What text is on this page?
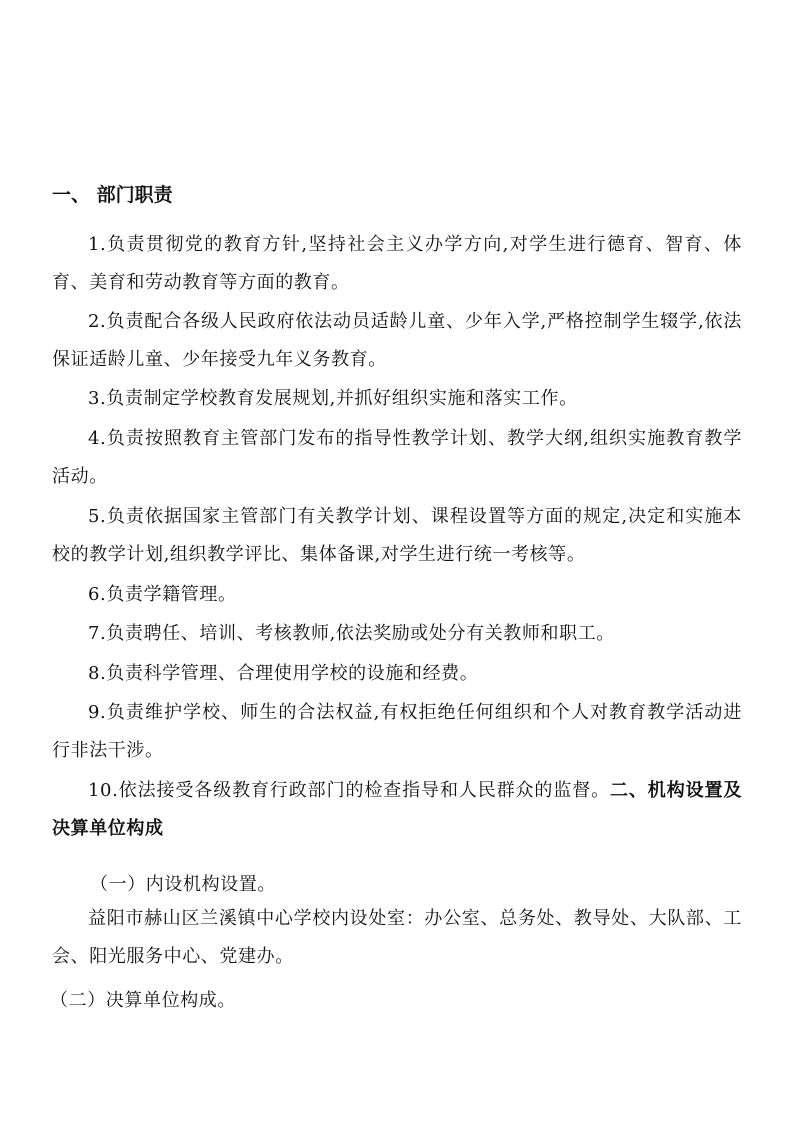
一、 部门职责
1.负责贯彻党的教育方针,坚持社会主义办学方向,对学生进行德育、智育、体育、美育和劳动教育等方面的教育。
2.负责配合各级人民政府依法动员适龄儿童、少年入学,严格控制学生辍学,依法保证适龄儿童、少年接受九年义务教育。
3.负责制定学校教育发展规划,并抓好组织实施和落实工作。
4.负责按照教育主管部门发布的指导性教学计划、教学大纲,组织实施教育教学活动。
5.负责依据国家主管部门有关教学计划、课程设置等方面的规定,决定和实施本校的教学计划,组织教学评比、集体备课,对学生进行统一考核等。
6.负责学籍管理。
7.负责聘任、培训、考核教师,依法奖励或处分有关教师和职工。
8.负责科学管理、合理使用学校的设施和经费。
9.负责维护学校、师生的合法权益,有权拒绝任何组织和个人对教育教学活动进行非法干涉。
10.依法接受各级教育行政部门的检查指导和人民群众的监督。二、机构设置及决算单位构成
（一）内设机构设置。
益阳市赫山区兰溪镇中心学校内设处室：办公室、总务处、教导处、大队部、工会、阳光服务中心、党建办。
（二）决算单位构成。
